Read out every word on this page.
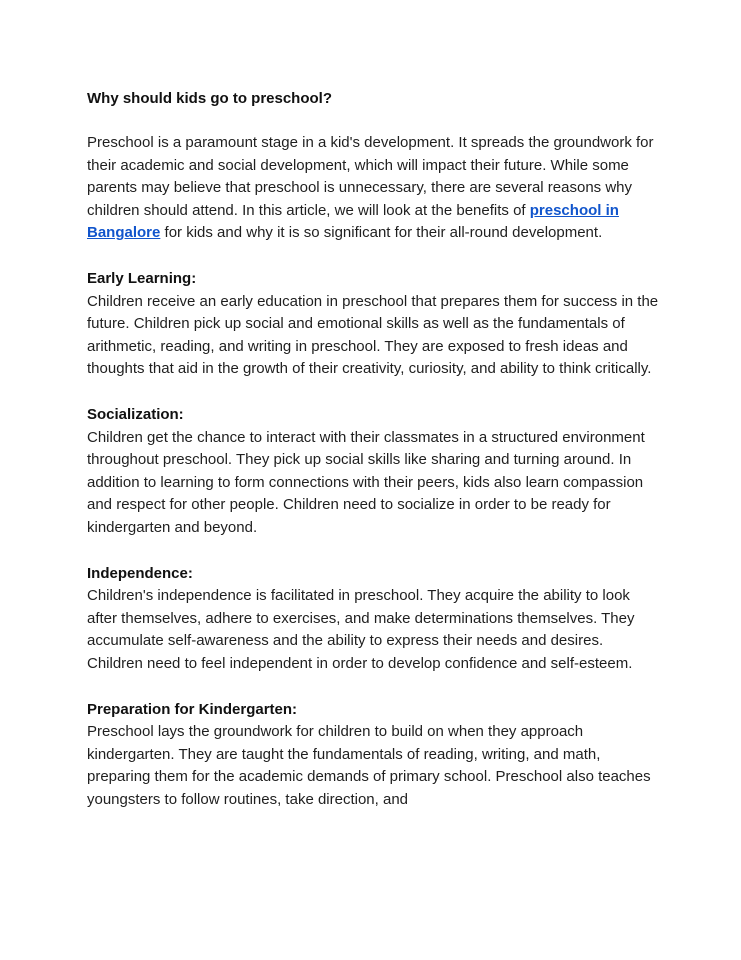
Why should kids go to preschool?

Preschool is a paramount stage in a kid's development. It spreads the groundwork for their academic and social development, which will impact their future. While some parents may believe that preschool is unnecessary, there are several reasons why children should attend. In this article, we will look at the benefits of preschool in Bangalore for kids and why it is so significant for their all-round development.

Early Learning:

Children receive an early education in preschool that prepares them for success in the future. Children pick up social and emotional skills as well as the fundamentals of arithmetic, reading, and writing in preschool. They are exposed to fresh ideas and thoughts that aid in the growth of their creativity, curiosity, and ability to think critically.

Socialization:

Children get the chance to interact with their classmates in a structured environment throughout preschool. They pick up social skills like sharing and turning around. In addition to learning to form connections with their peers, kids also learn compassion and respect for other people. Children need to socialize in order to be ready for kindergarten and beyond.

Independence:

Children's independence is facilitated in preschool. They acquire the ability to look after themselves, adhere to exercises, and make determinations themselves. They accumulate self-awareness and the ability to express their needs and desires. Children need to feel independent in order to develop confidence and self-esteem.

Preparation for Kindergarten:

Preschool lays the groundwork for children to build on when they approach kindergarten. They are taught the fundamentals of reading, writing, and math, preparing them for the academic demands of primary school. Preschool also teaches youngsters to follow routines, take direction, and
